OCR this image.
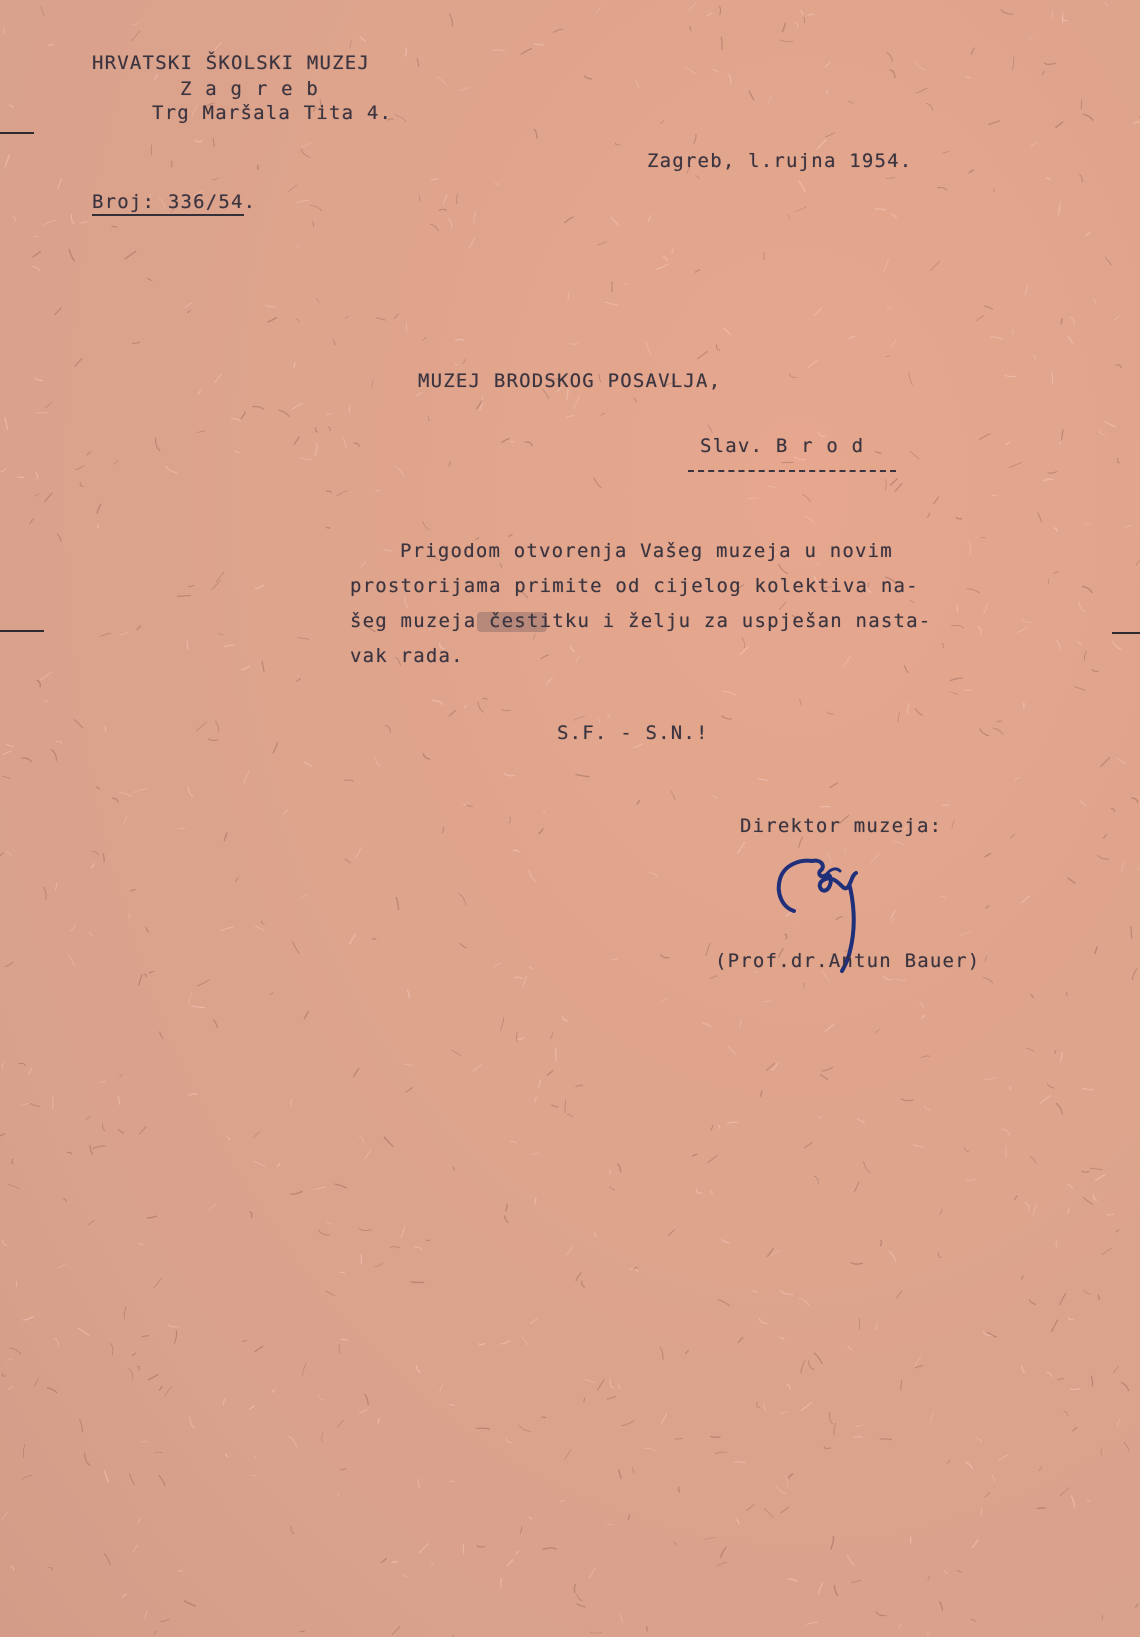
HRVATSKI ŠKOLSKI MUZEJ

Z a g r e b

Trg Maršala Tita 4.

Zagreb, l.rujna 1954.

Broj: 336/54.

MUZEJ BRODSKOG POSAVLJA,

Slav. B r o d

Prigodom otvorenja Vašeg muzeja u novim

prostorijama primite od cijelog kolektiva na-

šeg muzeja čestitku i želju za uspješan nasta-

vak rada.

S.F. - S.N.!

Direktor muzeja:

(Prof.dr.Antun Bauer)
